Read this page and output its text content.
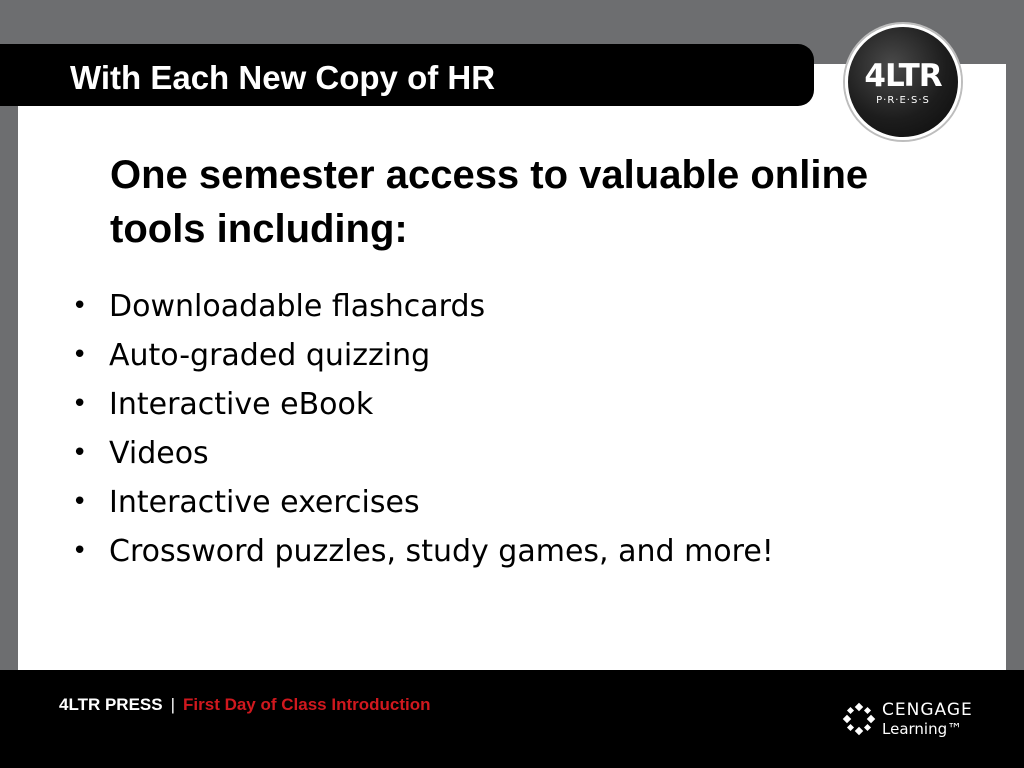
With Each New Copy of HR	4LTR
P·R·E·S·S
One semester access to valuable online tools including:
• Downloadable flashcards
• Auto-graded quizzing
• Interactive eBook
• Videos
• Interactive exercises
• Crossword puzzles, study games, and more!
4LTR PRESS | First Day of Class Introduction	CENGAGE
Learning™
